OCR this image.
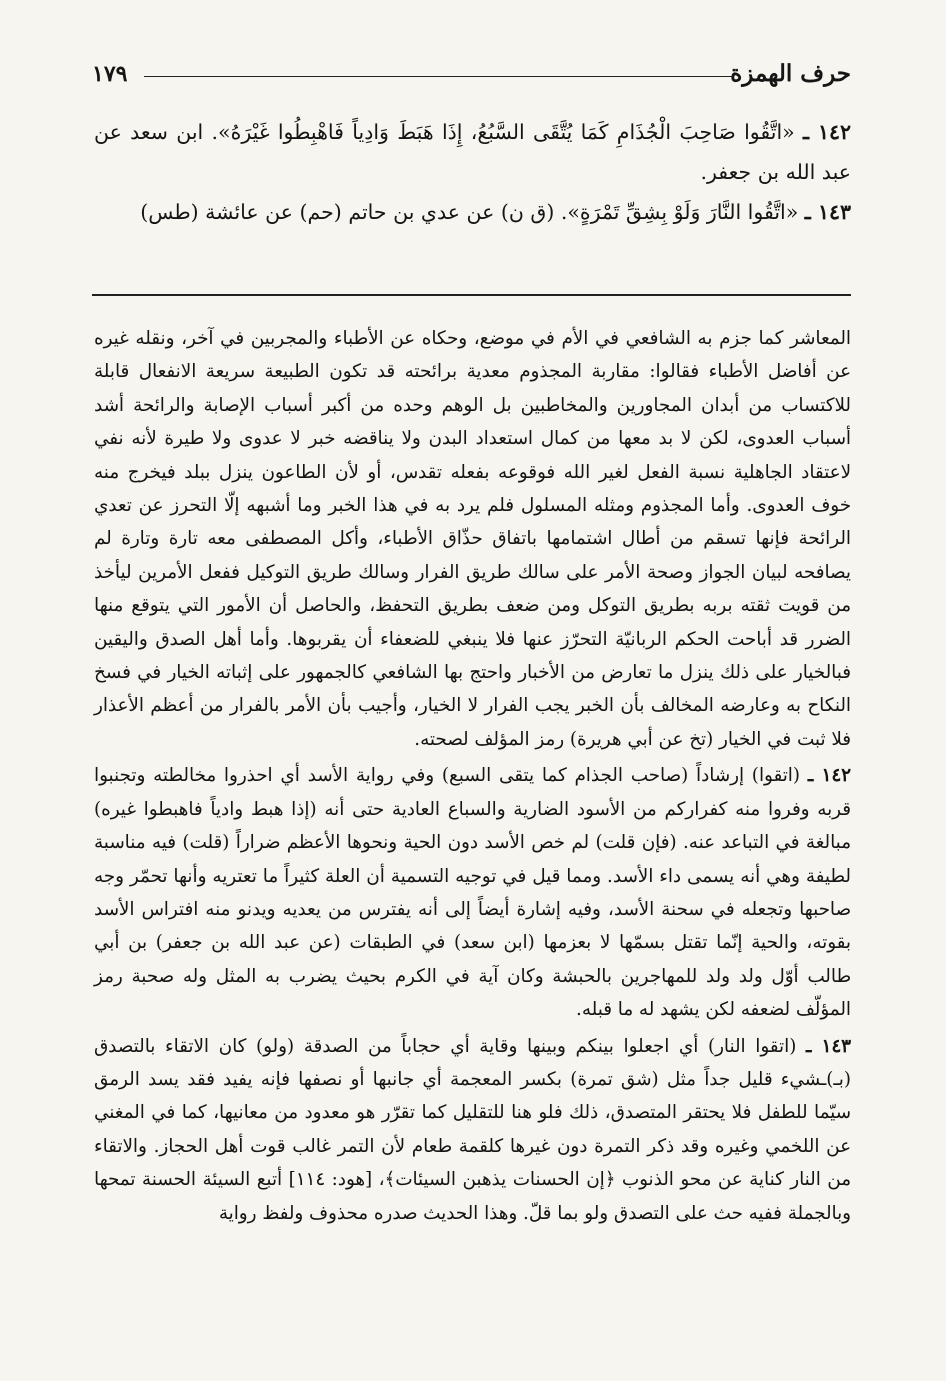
حرف الهمزة
١٧٩

١٤٢ ـ «اتَّقُوا صَاحِبَ الْجُذَامِ كَمَا يُتَّقَى السَّبُعُ، إِذَا هَبَطَ وَادِياً فَاهْبِطُوا غَيْرَهُ». ابن سعد عن عبد الله بن جعفر.

١٤٣ ـ «اتَّقُوا النَّارَ وَلَوْ بِشِقِّ تَمْرَةٍ». (ق ن) عن عدي بن حاتم (حم) عن عائشة (طس)

المعاشر كما جزم به الشافعي في الأم في موضع، وحكاه عن الأطباء والمجربين في آخر، ونقله غيره عن أفاضل الأطباء فقالوا: مقاربة المجذوم معدية برائحته قد تكون الطبيعة سريعة الانفعال قابلة للاكتساب من أبدان المجاورين والمخاطبين بل الوهم وحده من أكبر أسباب الإصابة والرائحة أشد أسباب العدوى، لكن لا بد معها من كمال استعداد البدن ولا يناقضه خبر لا عدوى ولا طيرة لأنه نفي لاعتقاد الجاهلية نسبة الفعل لغير الله فوقوعه بفعله تقدس، أو لأن الطاعون ينزل ببلد فيخرج منه خوف العدوى. وأما المجذوم ومثله المسلول فلم يرد به في هذا الخبر وما أشبهه إلّا التحرز عن تعدي الرائحة فإنها تسقم من أطال اشتمامها باتفاق حذّاق الأطباء، وأكل المصطفى معه تارة وتارة لم يصافحه لبيان الجواز وصحة الأمر على سالك طريق الفرار وسالك طريق التوكيل ففعل الأمرين ليأخذ من قويت ثقته بربه بطريق التوكل ومن ضعف بطريق التحفظ، والحاصل أن الأمور التي يتوقع منها الضرر قد أباحت الحكم الربانيّة التحرّز عنها فلا ينبغي للضعفاء أن يقربوها. وأما أهل الصدق واليقين فبالخيار على ذلك ينزل ما تعارض من الأخبار واحتج بها الشافعي كالجمهور على إثباته الخيار في فسخ النكاح به وعارضه المخالف بأن الخبر يجب الفرار لا الخيار، وأجيب بأن الأمر بالفرار من أعظم الأعذار فلا ثبت في الخيار (تخ عن أبي هريرة) رمز المؤلف لصحته.

١٤٢ ـ (اتقوا) إرشاداً (صاحب الجذام كما يتقى السبع) وفي رواية الأسد أي احذروا مخالطته وتجنبوا قربه وفروا منه كفراركم من الأسود الضارية والسباع العادية حتى أنه (إذا هبط وادياً فاهبطوا غيره) مبالغة في التباعد عنه. (فإن قلت) لم خص الأسد دون الحية ونحوها الأعظم ضراراً (قلت) فيه مناسبة لطيفة وهي أنه يسمى داء الأسد. ومما قيل في توجيه التسمية أن العلة كثيراً ما تعتريه وأنها تحمّر وجه صاحبها وتجعله في سحنة الأسد، وفيه إشارة أيضاً إلى أنه يفترس من يعديه ويدنو منه افتراس الأسد بقوته، والحية إنّما تقتل بسمّها لا بعزمها (ابن سعد) في الطبقات (عن عبد الله بن جعفر) بن أبي طالب أوّل ولد ولد للمهاجرين بالحبشة وكان آية في الكرم بحيث يضرب به المثل وله صحبة رمز المؤلّف لضعفه لكن يشهد له ما قبله.

١٤٣ ـ (اتقوا النار) أي اجعلوا بينكم وبينها وقاية أي حجاباً من الصدقة (ولو) كان الاتقاء بالتصدق (بـ)ـشيء قليل جداً مثل (شق تمرة) بكسر المعجمة أي جانبها أو نصفها فإنه يفيد فقد يسد الرمق سيّما للطفل فلا يحتقر المتصدق، ذلك فلو هنا للتقليل كما تقرّر هو معدود من معانيها، كما في المغني عن اللخمي وغيره وقد ذكر التمرة دون غيرها كلقمة طعام لأن التمر غالب قوت أهل الحجاز. والاتقاء من النار كناية عن محو الذنوب ﴿إن الحسنات يذهبن السيئات﴾، [هود: ١١٤] أتبع السيئة الحسنة تمحها وبالجملة ففيه حث على التصدق ولو بما قلّ. وهذا الحديث صدره محذوف ولفظ رواية
